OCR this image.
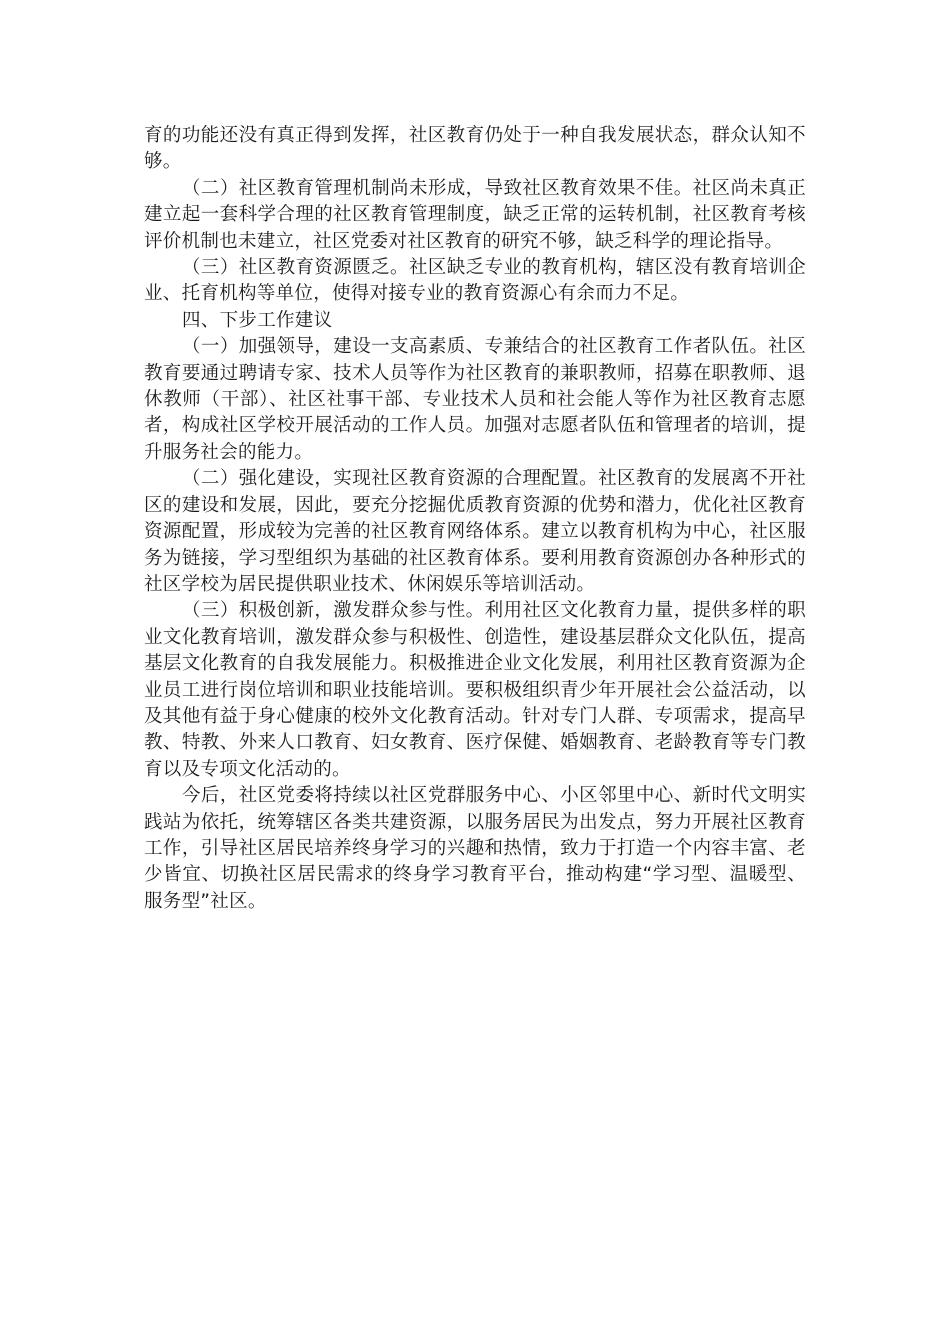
育的功能还没有真正得到发挥，社区教育仍处于一种自我发展状态，群众认知不够。

（二）社区教育管理机制尚未形成，导致社区教育效果不佳。社区尚未真正建立起一套科学合理的社区教育管理制度，缺乏正常的运转机制，社区教育考核评价机制也未建立，社区党委对社区教育的研究不够，缺乏科学的理论指导。

（三）社区教育资源匮乏。社区缺乏专业的教育机构，辖区没有教育培训企业、托育机构等单位，使得对接专业的教育资源心有余而力不足。

四、下步工作建议

（一）加强领导，建设一支高素质、专兼结合的社区教育工作者队伍。社区教育要通过聘请专家、技术人员等作为社区教育的兼职教师，招募在职教师、退休教师（干部）、社区社事干部、专业技术人员和社会能人等作为社区教育志愿者，构成社区学校开展活动的工作人员。加强对志愿者队伍和管理者的培训，提升服务社会的能力。

（二）强化建设，实现社区教育资源的合理配置。社区教育的发展离不开社区的建设和发展，因此，要充分挖掘优质教育资源的优势和潜力，优化社区教育资源配置，形成较为完善的社区教育网络体系。建立以教育机构为中心，社区服务为链接，学习型组织为基础的社区教育体系。要利用教育资源创办各种形式的社区学校为居民提供职业技术、休闲娱乐等培训活动。

（三）积极创新，激发群众参与性。利用社区文化教育力量，提供多样的职业文化教育培训，激发群众参与积极性、创造性，建设基层群众文化队伍，提高基层文化教育的自我发展能力。积极推进企业文化发展，利用社区教育资源为企业员工进行岗位培训和职业技能培训。要积极组织青少年开展社会公益活动，以及其他有益于身心健康的校外文化教育活动。针对专门人群、专项需求，提高早教、特教、外来人口教育、妇女教育、医疗保健、婚姻教育、老龄教育等专门教育以及专项文化活动的。

今后，社区党委将持续以社区党群服务中心、小区邻里中心、新时代文明实践站为依托，统筹辖区各类共建资源，以服务居民为出发点，努力开展社区教育工作，引导社区居民培养终身学习的兴趣和热情，致力于打造一个内容丰富、老少皆宜、切换社区居民需求的终身学习教育平台，推动构建“学习型、温暖型、服务型”社区。
